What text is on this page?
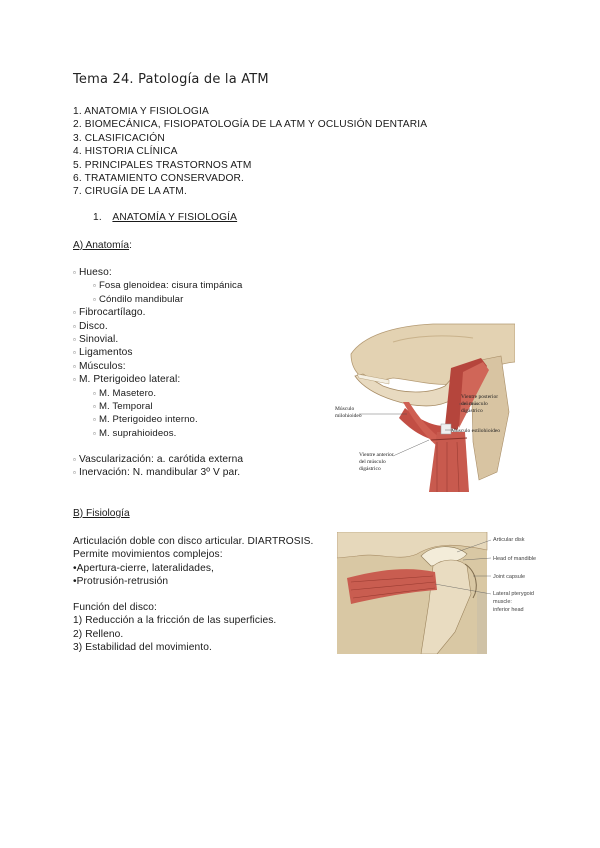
Tema 24. Patología de la ATM
1. ANATOMIA Y FISIOLOGIA
2. BIOMECÁNICA, FISIOPATOLOGÍA DE LA ATM Y OCLUSIÓN DENTARIA
3. CLASIFICACIÓN
4. HISTORIA CLÍNICA
5. PRINCIPALES TRASTORNOS ATM
6. TRATAMIENTO CONSERVADOR.
7. CIRUGÍA DE LA ATM.
1. ANATOMÍA Y FISIOLOGÍA
A) Anatomía:
▫ Hueso:
▫ Fosa glenoidea: cisura timpánica
▫ Cóndilo mandibular
▫ Fibrocartílago.
▫ Disco.
▫ Sinovial.
▫ Ligamentos
▫ Músculos:
▫ M. Pterigoideo lateral:
▫ M. Masetero.
▫ M. Temporal
▫ M. Pterigoideo interno.
▫ M. suprahioideos.
▫ Vascularización: a. carótida externa
▫ Inervación: N. mandibular 3º V par.
Músculo
milohioideo
Vientre posterior
del músculo
digástrico
Músculo estilohioideo
Vientre anterior
del músculo
digástrico
B) Fisiología
Articulación doble con disco articular. DIARTROSIS.
Permite movimientos complejos:
•Apertura-cierre, lateralidades,
•Protrusión-retrusión
Función del disco:
1) Reducción a la fricción de las superficies.
2) Relleno.
3) Estabilidad del movimiento.
Articular disk
Head of mandible
Joint capsule
Lateral pterygoid
muscle:
inferior head
